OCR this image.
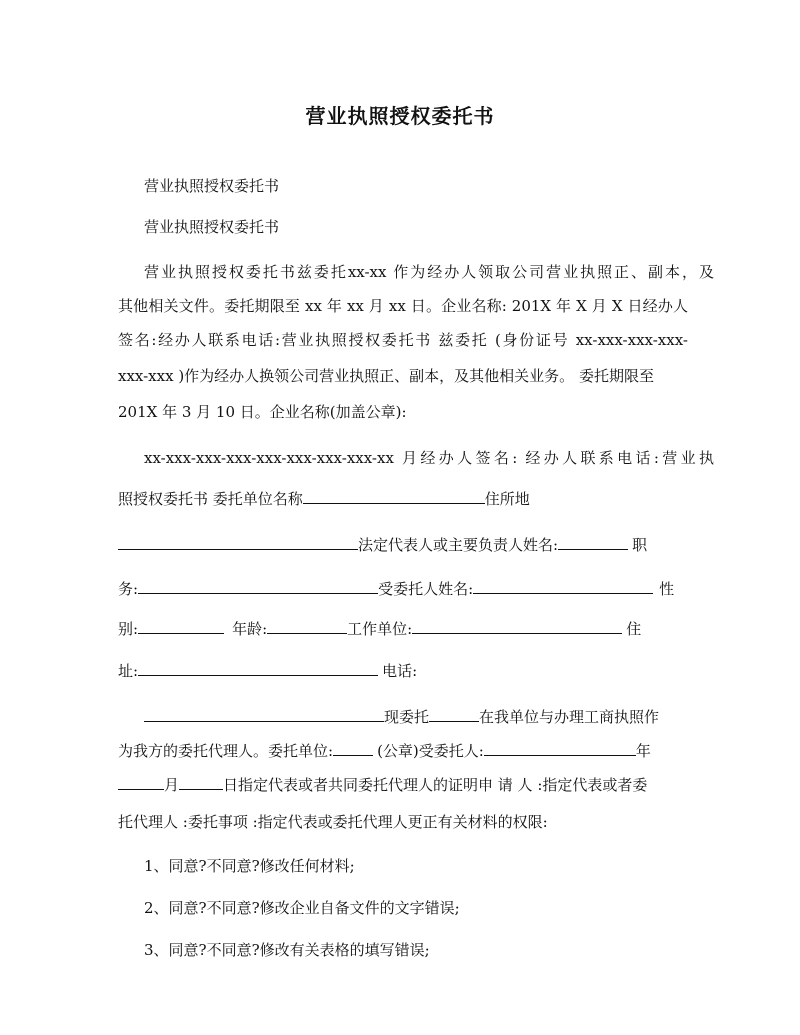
营业执照授权委托书
营业执照授权委托书
营业执照授权委托书
营业执照授权委托书兹委托xx-xx 作为经办人领取公司营业执照正、副本，及
其他相关文件。委托期限至 xx 年 xx 月 xx 日。企业名称: 201X 年 X 月 X 日经办人
签名:经办人联系电话:营业执照授权委托书 兹委托 (身份证号 xx-xxx-xxx-xxx-
xxx-xxx )作为经办人换领公司营业执照正、副本，及其他相关业务。 委托期限至
201X 年 3 月 10 日。企业名称(加盖公章):
xx-xxx-xxx-xxx-xxx-xxx-xxx-xxx-xx 月经办人签名: 经办人联系电话:营业执
照授权委托书 委托单位名称	住所地
法定代表人或主要负责人姓名:	职
务:	受委托人姓名:	性
别:	年龄:	工作单位:	住
址:	电话:
现委托	在我单位与办理工商执照作
为我方的委托代理人。委托单位:	(公章)受委托人:	年
月	日指定代表或者共同委托代理人的证明申 请 人 :指定代表或者委
托代理人 :委托事项 :指定代表或委托代理人更正有关材料的权限:
1、同意?不同意?修改任何材料;
2、同意?不同意?修改企业自备文件的文字错误;
3、同意?不同意?修改有关表格的填写错误;
